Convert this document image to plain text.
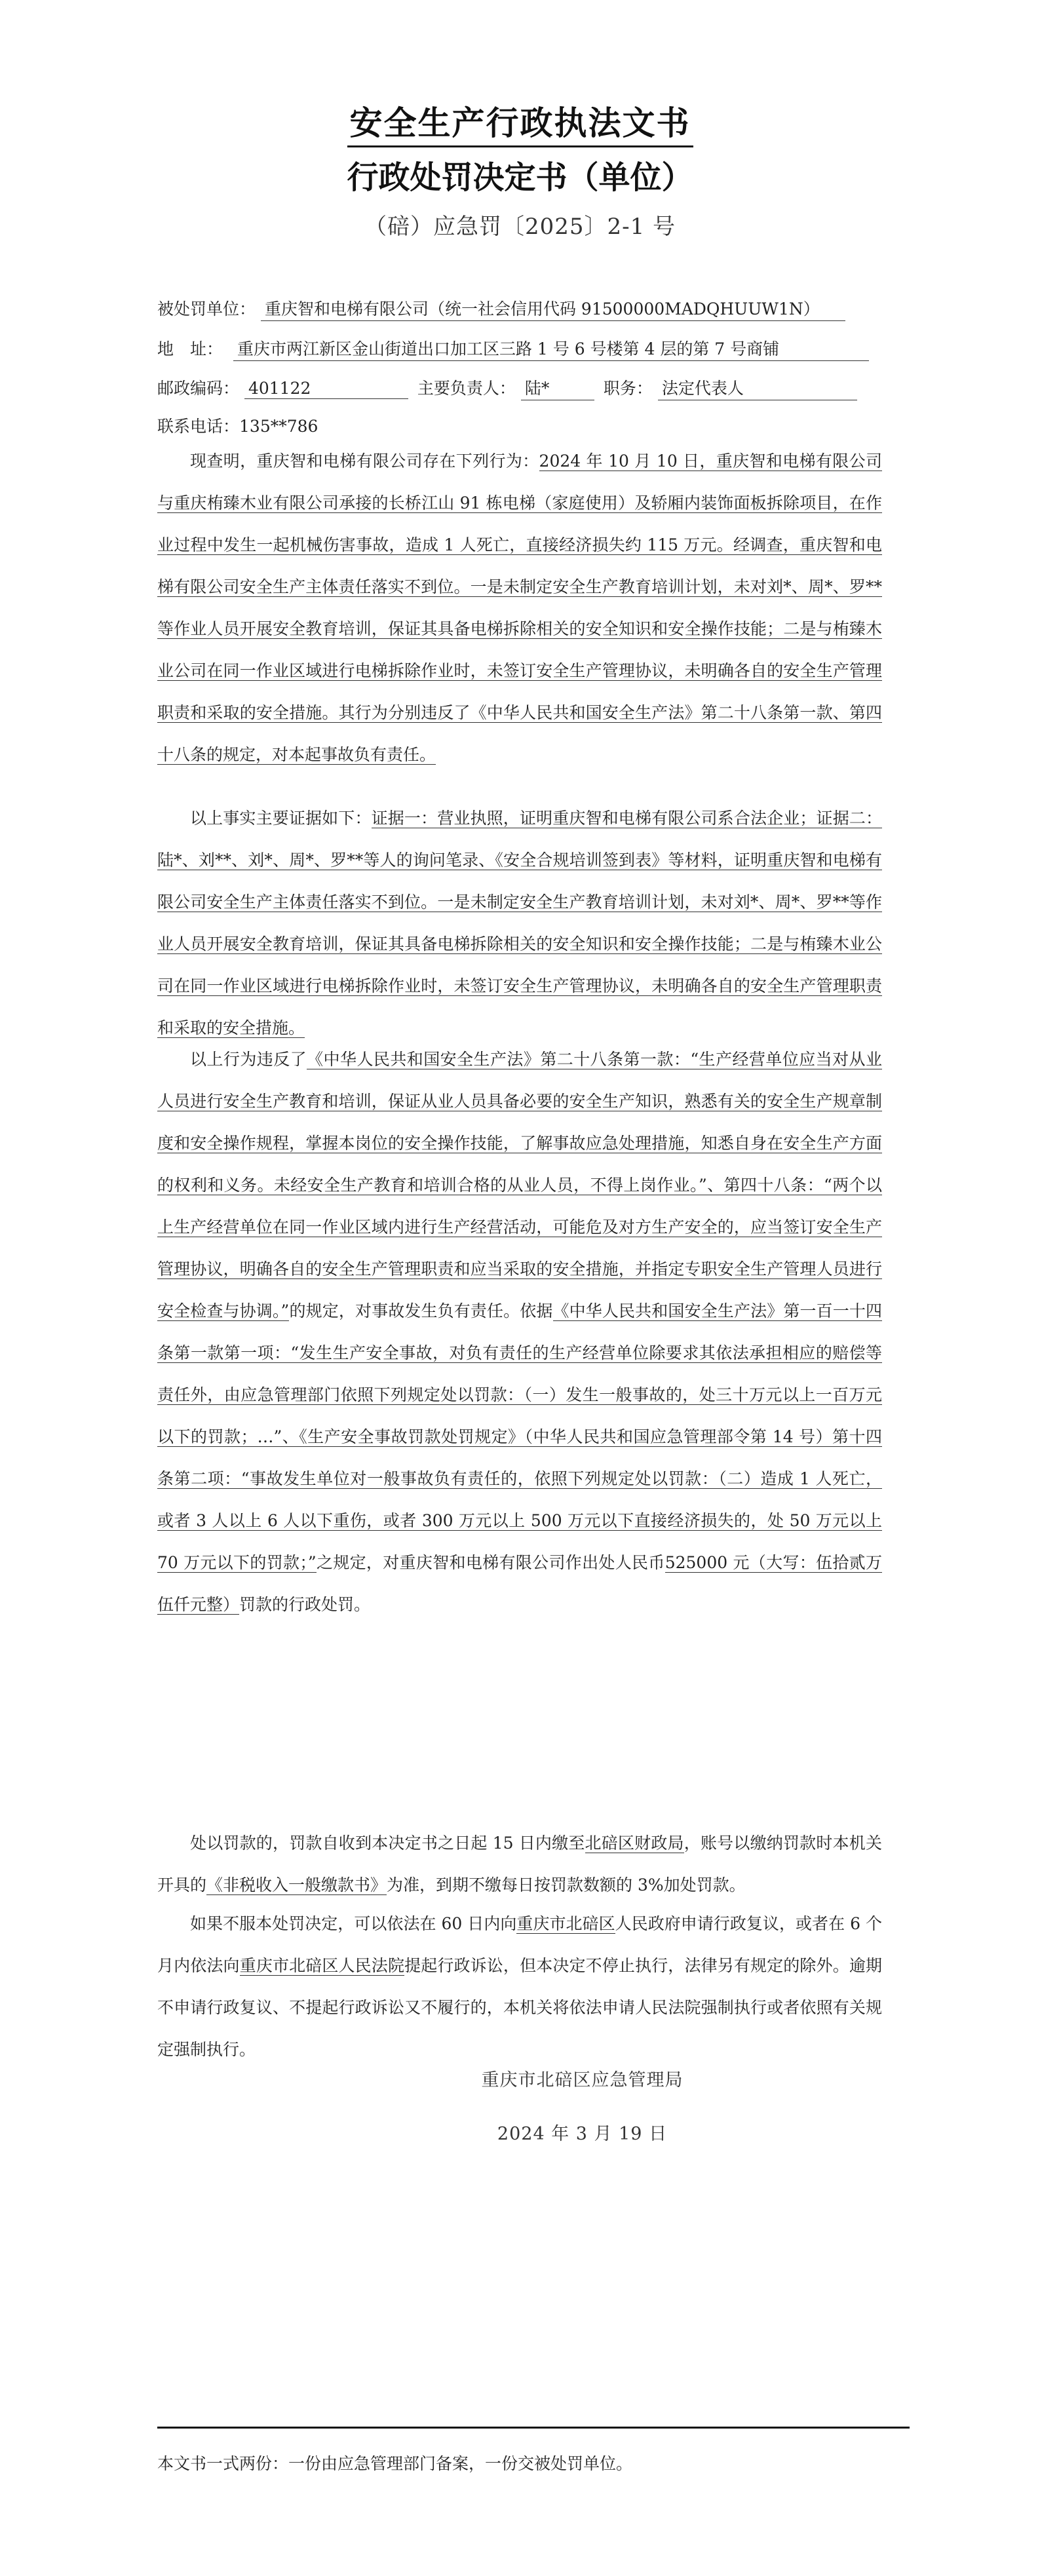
安全生产行政执法文书
行政处罚决定书（单位）
（碚）应急罚〔2025〕2-1 号
被处罚单位： 重庆智和电梯有限公司（统一社会信用代码 91500000MADQHUUW1N）
地　址： 重庆市两江新区金山街道出口加工区三路 1 号 6 号楼第 4 层的第 7 号商铺
邮政编码： 401122	主要负责人： 陆*	职务： 法定代表人
联系电话：135**786

现查明，重庆智和电梯有限公司存在下列行为：2024 年 10 月 10 日，重庆智和电梯有限公司与重庆栯臻木业有限公司承接的长桥江山 91 栋电梯（家庭使用）及轿厢内装饰面板拆除项目，在作业过程中发生一起机械伤害事故，造成 1 人死亡，直接经济损失约 115 万元。经调查，重庆智和电梯有限公司安全生产主体责任落实不到位。一是未制定安全生产教育培训计划，未对刘*、周*、罗**等作业人员开展安全教育培训，保证其具备电梯拆除相关的安全知识和安全操作技能；二是与栯臻木业公司在同一作业区域进行电梯拆除作业时，未签订安全生产管理协议，未明确各自的安全生产管理职责和采取的安全措施。其行为分别违反了《中华人民共和国安全生产法》第二十八条第一款、第四十八条的规定，对本起事故负有责任。

以上事实主要证据如下：证据一：营业执照，证明重庆智和电梯有限公司系合法企业；证据二：陆*、刘**、刘*、周*、罗**等人的询问笔录、《安全合规培训签到表》等材料，证明重庆智和电梯有限公司安全生产主体责任落实不到位。一是未制定安全生产教育培训计划，未对刘*、周*、罗**等作业人员开展安全教育培训，保证其具备电梯拆除相关的安全知识和安全操作技能；二是与栯臻木业公司在同一作业区域进行电梯拆除作业时，未签订安全生产管理协议，未明确各自的安全生产管理职责和采取的安全措施。

以上行为违反了《中华人民共和国安全生产法》第二十八条第一款：“生产经营单位应当对从业人员进行安全生产教育和培训，保证从业人员具备必要的安全生产知识，熟悉有关的安全生产规章制度和安全操作规程，掌握本岗位的安全操作技能，了解事故应急处理措施，知悉自身在安全生产方面的权利和义务。未经安全生产教育和培训合格的从业人员，不得上岗作业。”、第四十八条：“两个以上生产经营单位在同一作业区域内进行生产经营活动，可能危及对方生产安全的，应当签订安全生产管理协议，明确各自的安全生产管理职责和应当采取的安全措施，并指定专职安全生产管理人员进行安全检查与协调。”的规定，对事故发生负有责任。依据《中华人民共和国安全生产法》第一百一十四条第一款第一项：“发生生产安全事故，对负有责任的生产经营单位除要求其依法承担相应的赔偿等责任外，由应急管理部门依照下列规定处以罚款：（一）发生一般事故的，处三十万元以上一百万元以下的罚款；…”、《生产安全事故罚款处罚规定》（中华人民共和国应急管理部令第 14 号）第十四条第二项：“事故发生单位对一般事故负有责任的，依照下列规定处以罚款：（二）造成 1 人死亡，或者 3 人以上 6 人以下重伤，或者 300 万元以上 500 万元以下直接经济损失的，处 50 万元以上 70 万元以下的罚款；”之规定，对重庆智和电梯有限公司作出处人民币525000 元（大写：伍拾贰万伍仟元整）罚款的行政处罚。

处以罚款的，罚款自收到本决定书之日起 15 日内缴至北碚区财政局，账号以缴纳罚款时本机关开具的《非税收入一般缴款书》为准，到期不缴每日按罚款数额的 3%加处罚款。

如果不服本处罚决定，可以依法在 60 日内向重庆市北碚区人民政府申请行政复议，或者在 6 个月内依法向重庆市北碚区人民法院提起行政诉讼，但本决定不停止执行，法律另有规定的除外。逾期不申请行政复议、不提起行政诉讼又不履行的，本机关将依法申请人民法院强制执行或者依照有关规定强制执行。

重庆市北碚区应急管理局
2024 年 3 月 19 日
本文书一式两份：一份由应急管理部门备案，一份交被处罚单位。
